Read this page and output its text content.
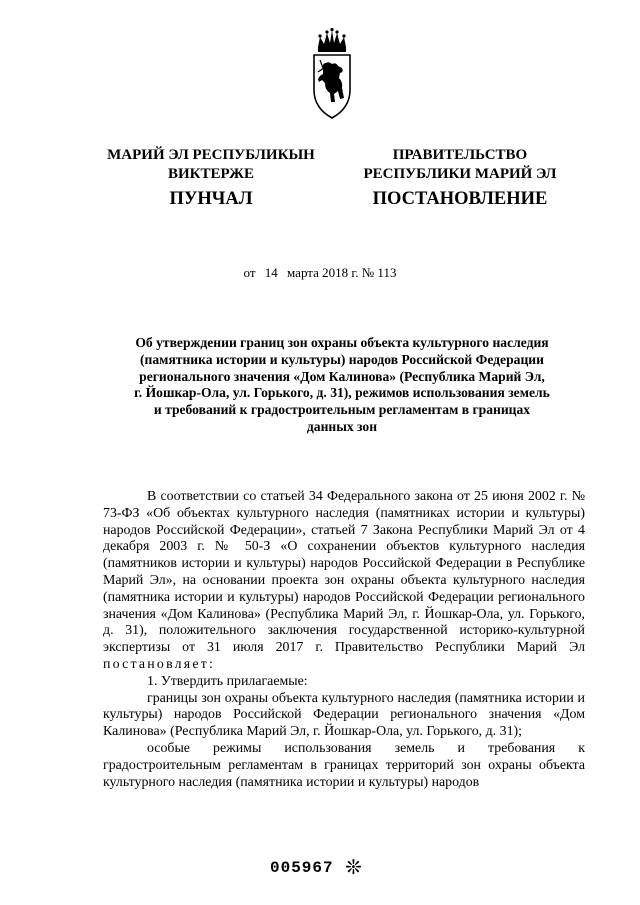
МАРИЙ ЭЛ РЕСПУБЛИКЫН
ВИКТЕРЖЕ
ПРАВИТЕЛЬСТВО
РЕСПУБЛИКИ МАРИЙ ЭЛ
ПУНЧАЛ	ПОСТАНОВЛЕНИЕ
от 14 марта 2018 г. № 113
Об утверждении границ зон охраны объекта культурного наследия
(памятника истории и культуры) народов Российской Федерации
регионального значения «Дом Калинова» (Республика Марий Эл,
г. Йошкар-Ола, ул. Горького, д. 31), режимов использования земель
и требований к градостроительным регламентам в границах
данных зон

В соответствии со статьей 34 Федерального закона от 25 июня 2002 г. № 73-ФЗ «Об объектах культурного наследия (памятниках истории и культуры) народов Российской Федерации», статьей 7 Закона Республики Марий Эл от 4 декабря 2003 г. № 50-З «О сохранении объектов культурного наследия (памятников истории и культуры) народов Российской Федерации в Республике Марий Эл», на основании проекта зон охраны объекта культурного наследия (памятника истории и культуры) народов Российской Федерации регионального значения «Дом Калинова» (Республика Марий Эл, г. Йошкар-Ола, ул. Горького, д. 31), положительного заключения государственной историко-культурной экспертизы от 31 июля 2017 г. Правительство Республики Марий Эл постановляет:

1. Утвердить прилагаемые:

границы зон охраны объекта культурного наследия (памятника истории и культуры) народов Российской Федерации регионального значения «Дом Калинова» (Республика Марий Эл, г. Йошкар-Ола, ул. Горького, д. 31);

особые режимы использования земель и требования к градостроительным регламентам в границах территорий зон охраны объекта культурного наследия (памятника истории и культуры) народов

005967 ❊
